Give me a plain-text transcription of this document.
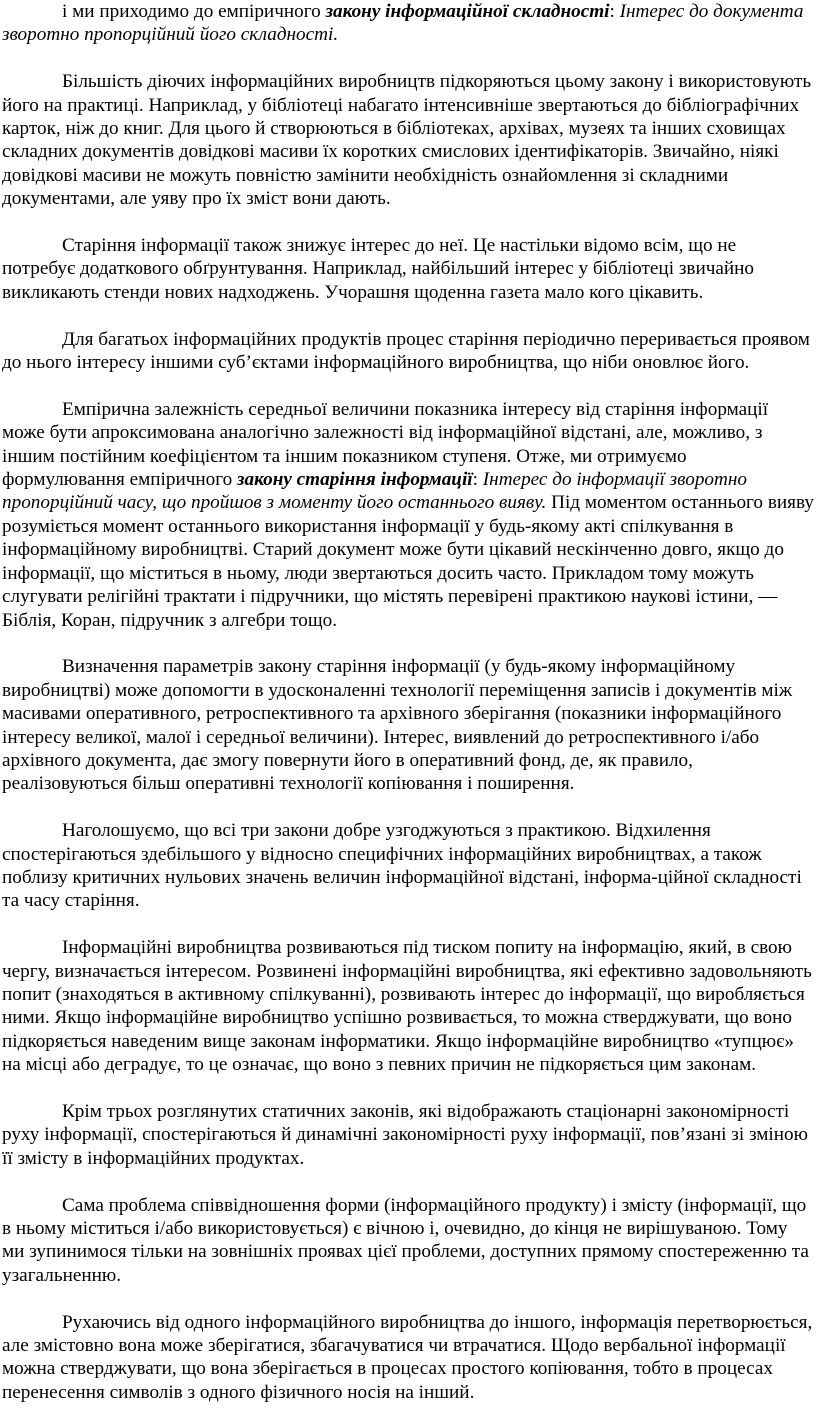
і ми приходимо до емпіричного закону інформаційної складності: Інтерес до документа зворотно пропорційний його складності.

Більшість діючих інформаційних виробництв підкоряються цьому закону і використовують його на практиці. Наприклад, у бібліотеці набагато інтенсивніше звертаються до бібліографічних карток, ніж до книг. Для цього й створюються в бібліотеках, архівах, музеях та інших сховищах складних документів довідкові масиви їх коротких смислових ідентифікаторів. Звичайно, ніякі довідкові масиви не можуть повністю замінити необхідність ознайомлення зі складними документами, але уяву про їх зміст вони дають.

Старіння інформації також знижує інтерес до неї. Це настільки відомо всім, що не потребує додаткового обґрунтування. Наприклад, найбільший інтерес у бібліотеці звичайно викликають стенди нових надходжень. Учорашня щоденна газета мало кого цікавить.

Для багатьох інформаційних продуктів процес старіння періодично переривається проявом до нього інтересу іншими суб’єктами інформаційного виробництва, що ніби оновлює його.

Емпірична залежність середньої величини показника інтересу від старіння інформації може бути апроксимована аналогічно залежності від інформаційної відстані, але, можливо, з іншим постійним коефіцієнтом та іншим показником ступеня. Отже, ми отримуємо формулювання емпіричного закону старіння інформації: Інтерес до інформації зворотно пропорційний часу, що пройшов з моменту його останнього вияву. Під моментом останнього вияву розуміється момент останнього використання інформації у будь-якому акті спілкування в інформаційному виробництві. Старий документ може бути цікавий нескінченно довго, якщо до інформації, що міститься в ньому, люди звертаються досить часто. Прикладом тому можуть слугувати релігійні трактати і підручники, що містять перевірені практикою наукові істини, — Біблія, Коран, підручник з алгебри тощо.

Визначення параметрів закону старіння інформації (у будь-якому інформаційному виробництві) може допомогти в удосконаленні технології переміщення записів і документів між масивами оперативного, ретроспективного та архівного зберігання (показники інформаційного інтересу великої, малої і середньої величини). Інтерес, виявлений до ретроспективного і/або архівного документа, дає змогу повернути його в оперативний фонд, де, як правило, реалізовуються більш оперативні технології копіювання і поширення.

Наголошуємо, що всі три закони добре узгоджуються з практикою. Відхилення спостерігаються здебільшого у відносно специфічних інформаційних виробництвах, а також поблизу критичних нульових значень величин інформаційної відстані, інформа-ційної складності та часу старіння.

Інформаційні виробництва розвиваються під тиском попиту на інформацію, який, в свою чергу, визначається інтересом. Розвинені інформаційні виробництва, які ефективно задовольняють попит (знаходяться в активному спілкуванні), розвивають інтерес до інформації, що виробляється ними. Якщо інформаційне виробництво успішно розвивається, то можна стверджувати, що воно підкоряється наведеним вище законам інформатики. Якщо інформаційне виробництво «тупцює» на місці або деградує, то це означає, що воно з певних причин не підкоряється цим законам.

Крім трьох розглянутих статичних законів, які відображають стаціонарні закономірності руху інформації, спостерігаються й динамічні закономірності руху інформації, пов’язані зі зміною її змісту в інформаційних продуктах.

Сама проблема співвідношення форми (інформаційного продукту) і змісту (інформації, що в ньому міститься і/або використовується) є вічною і, очевидно, до кінця не вирішуваною. Тому ми зупинимося тільки на зовнішніх проявах цієї проблеми, доступних прямому спостереженню та узагальненню.

Рухаючись від одного інформаційного виробництва до іншого, інформація перетворюється, але змістовно вона може зберігатися, збагачуватися чи втрачатися. Щодо вербальної інформації можна стверджувати, що вона зберігається в процесах простого копіювання, тобто в процесах перенесення символів з одного фізичного носія на інший.
